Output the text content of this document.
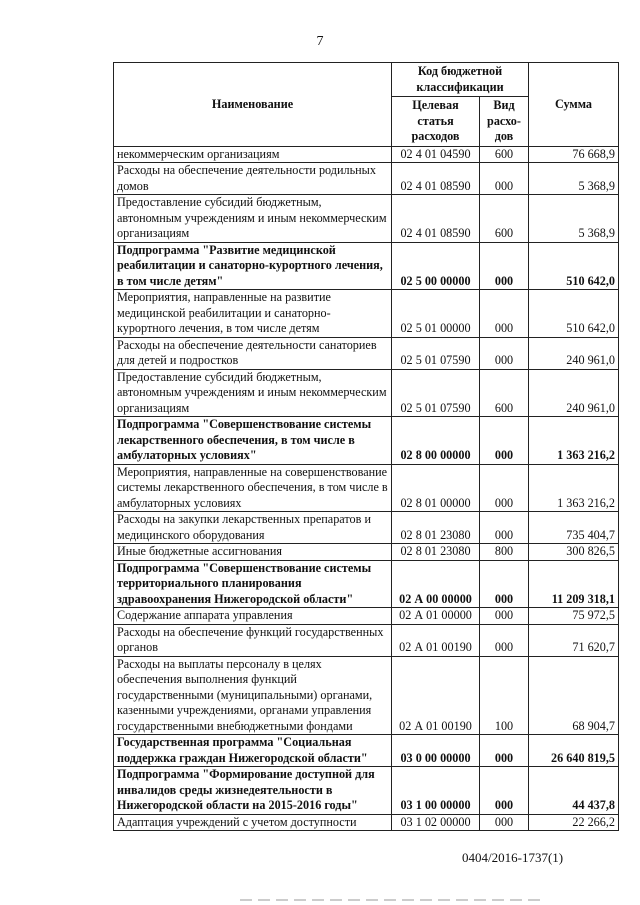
7
Наименование	Код бюджетной классификации		Сумма
	Целевая статья расходов	Вид расхо-дов	
некоммерческим организациям	02 4 01 04590	600	76 668,9
Расходы на обеспечение деятельности родильных домов	02 4 01 08590	000	5 368,9
Предоставление субсидий бюджетным, автономным учреждениям и иным некоммерческим организациям	02 4 01 08590	600	5 368,9
Подпрограмма "Развитие медицинской реабилитации и санаторно-курортного лечения, в том числе детям"	02 5 00 00000	000	510 642,0
Мероприятия, направленные на развитие медицинской реабилитации и санаторно-курортного лечения, в том числе детям	02 5 01 00000	000	510 642,0
Расходы на обеспечение деятельности санаториев для детей и подростков	02 5 01 07590	000	240 961,0
Предоставление субсидий бюджетным, автономным учреждениям и иным некоммерческим организациям	02 5 01 07590	600	240 961,0
Подпрограмма "Совершенствование системы лекарственного обеспечения, в том числе в амбулаторных условиях"	02 8 00 00000	000	1 363 216,2
Мероприятия, направленные на совершенствование системы лекарственного обеспечения, в том числе в амбулаторных условиях	02 8 01 00000	000	1 363 216,2
Расходы на закупки лекарственных препаратов и медицинского оборудования	02 8 01 23080	000	735 404,7
Иные бюджетные ассигнования	02 8 01 23080	800	300 826,5
Подпрограмма "Совершенствование системы территориального планирования здравоохранения Нижегородской области"	02 А 00 00000	000	11 209 318,1
Содержание аппарата управления	02 А 01 00000	000	75 972,5
Расходы на обеспечение функций государственных органов	02 А 01 00190	000	71 620,7
Расходы на выплаты персоналу в целях обеспечения выполнения функций государственными (муниципальными) органами, казенными учреждениями, органами управления государственными внебюджетными фондами	02 А 01 00190	100	68 904,7
Государственная программа "Социальная поддержка граждан Нижегородской области"	03 0 00 00000	000	26 640 819,5
Подпрограмма "Формирование доступной для инвалидов среды жизнедеятельности в Нижегородской области на 2015-2016 годы"	03 1 00 00000	000	44 437,8
Адаптация учреждений с учетом доступности	03 1 02 00000	000	22 266,2
0404/2016-1737(1)
